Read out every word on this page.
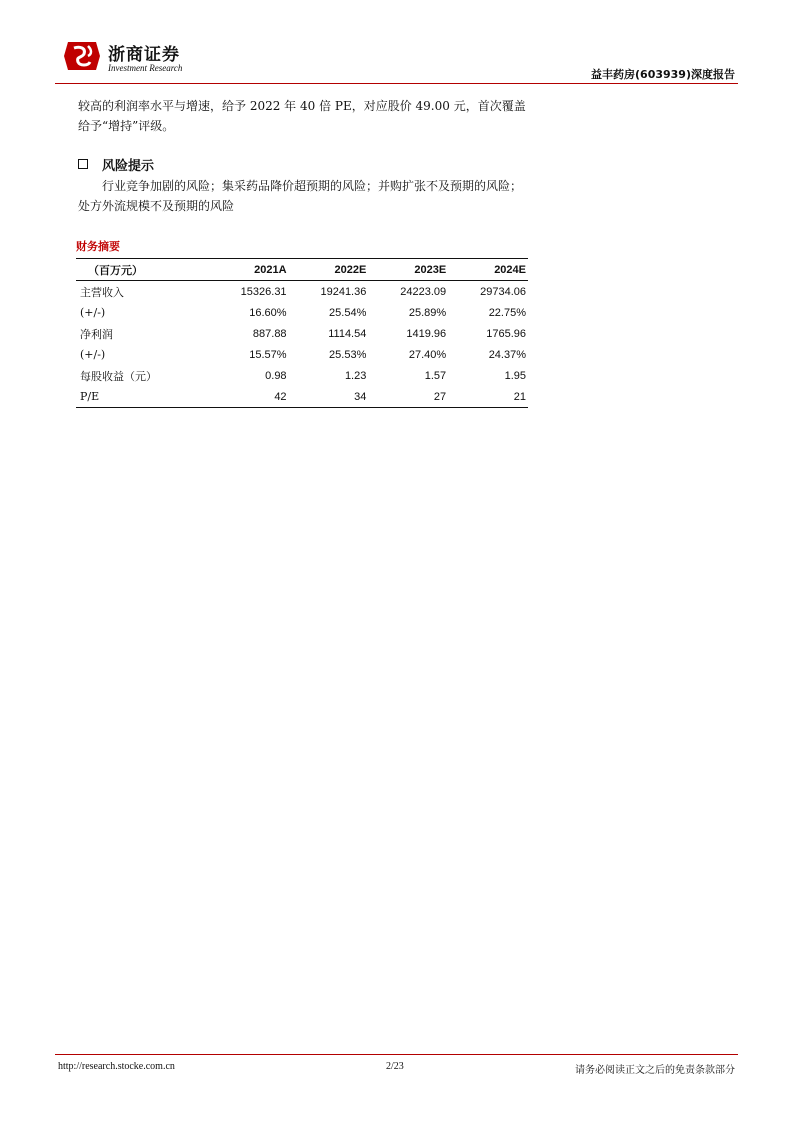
浙商证券
Investment Research	益丰药房(603939)深度报告
较高的利润率水平与增速，给予 2022 年 40 倍 PE，对应股价 49.00 元，首次覆盖给予“增持”评级。
风险提示
行业竞争加剧的风险；集采药品降价超预期的风险；并购扩张不及预期的风险；处方外流规模不及预期的风险
财务摘要
（百万元）	2021A	2022E	2023E	2024E
主营收入	15326.31	19241.36	24223.09	29734.06
(+/-)	16.60%	25.54%	25.89%	22.75%
净利润	887.88	1114.54	1419.96	1765.96
(+/-)	15.57%	25.53%	27.40%	24.37%
每股收益（元）	0.98	1.23	1.57	1.95
P/E	42	34	27	21
http://research.stocke.com.cn	2/23	请务必阅读正文之后的免责条款部分
